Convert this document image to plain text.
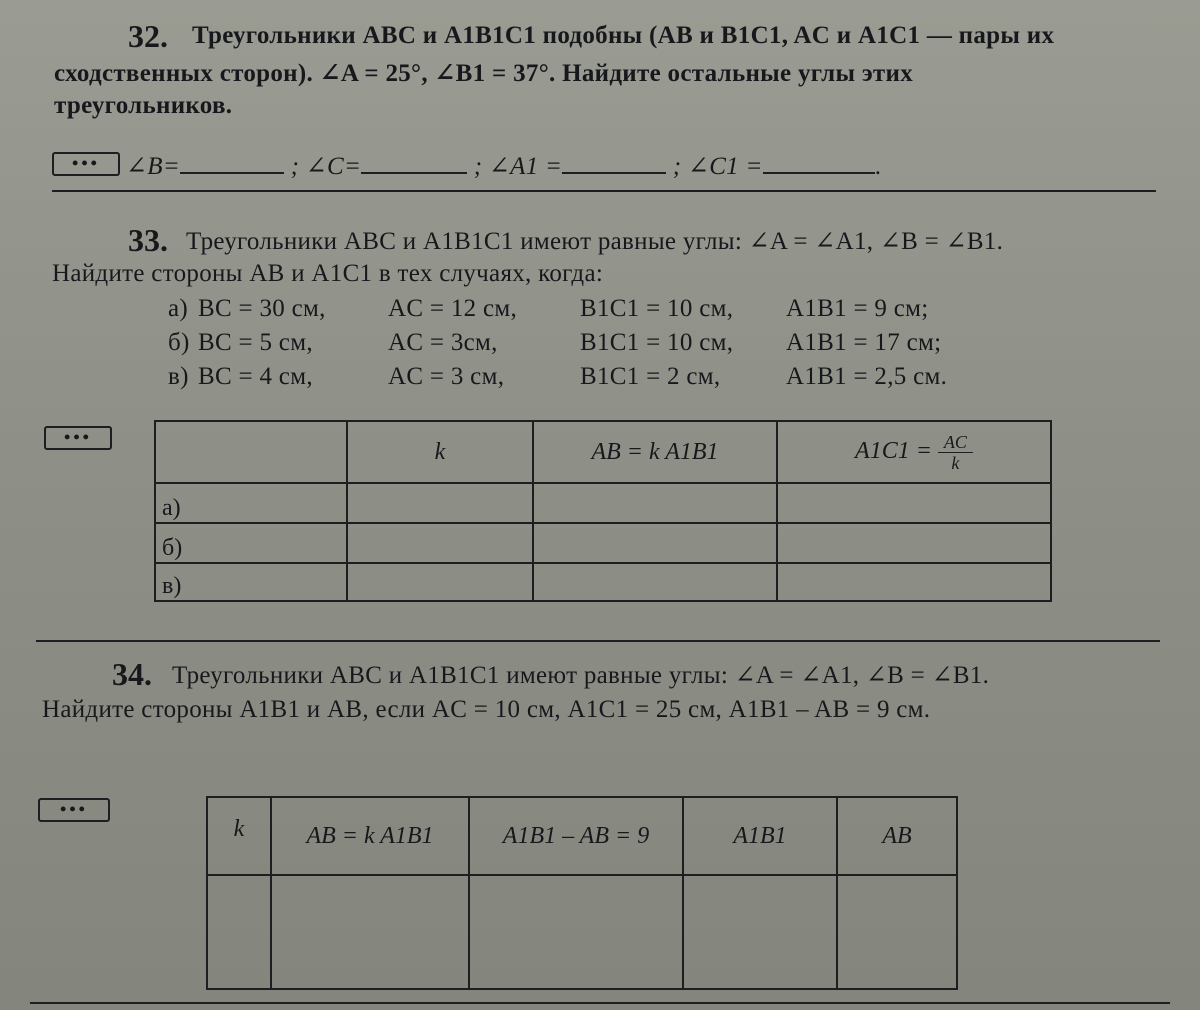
32. Треугольники ABC и A1B1C1 подобны (AB и B1C1, AC и A1C1 — пары их
сходственных сторон). ∠A = 25°, ∠B1 = 37°. Найдите остальные углы этих
треугольников.
•••	∠B=	; ∠C=	; ∠A1 =	; ∠C1 =	.
33. Треугольники ABC и A1B1C1 имеют равные углы: ∠A = ∠A1, ∠B = ∠B1.
Найдите стороны AB и A1C1 в тех случаях, когда:
а) BC = 30 см, AC = 12 см,	B1C1 = 10 см, A1B1 = 9 см;
б) BC = 5 см,	AC = 3см,	B1C1 = 10 см, A1B1 = 17 см;
в) BC = 4 см,	AC = 3 см,	B1C1 = 2 см,	A1B1 = 2,5 см.
•••
	k	AB = k A1B1	$A1C1 = \frac{AC}{k}$

а)			
б)			
в)			
34. Треугольники ABC и A1B1C1 имеют равные углы: ∠A = ∠A1, ∠B = ∠B1.
Найдите стороны A1B1 и AB, если AC = 10 см, A1C1 = 25 см, A1B1 – AB = 9 см.
•••
k	AB = k A1B1	A1B1 – AB = 9	A1B1	AB
